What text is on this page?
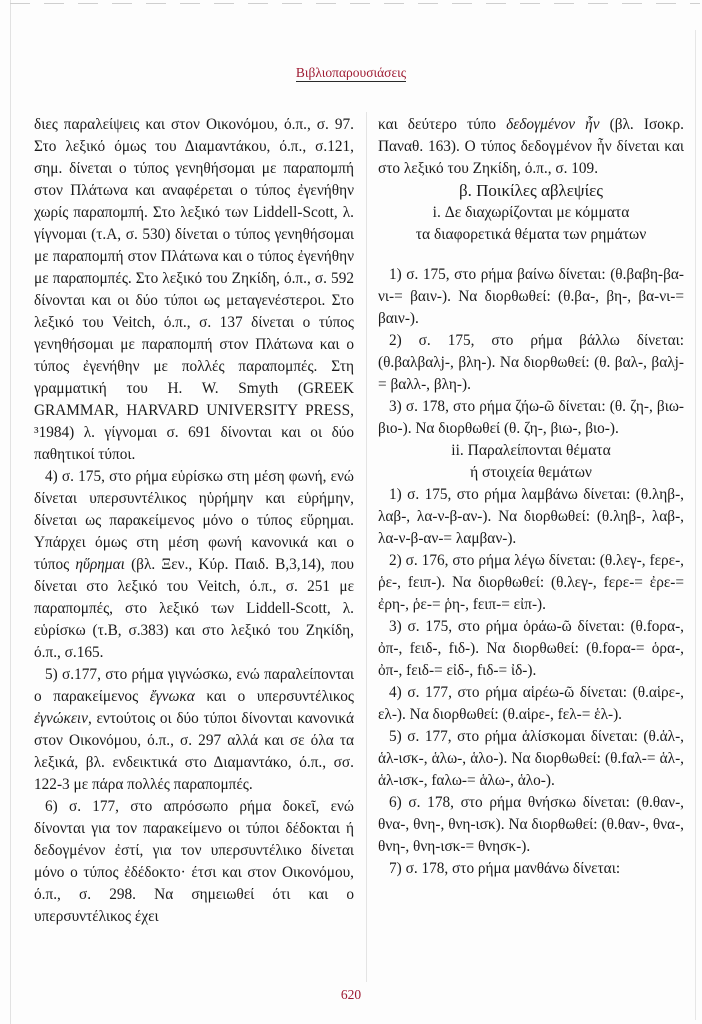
Βιβλιοπαρουσιάσεις

διες παραλείψεις και στον Οικονόμου, ό.π., σ. 97. Στο λεξικό όμως του Διαμαντάκου, ό.π., σ.121, σημ. δίνεται ο τύπος γενηθήσομαι με παραπομπή στον Πλάτωνα και αναφέρεται ο τύπος ἐγενήθην χωρίς παραπομπή. Στο λεξικό των Liddell-Scott, λ. γίγνομαι (τ.Α, σ. 530) δίνεται ο τύπος γενηθήσομαι με παραπομπή στον Πλάτωνα και ο τύπος ἐγενήθην με παραπομπές. Στο λεξικό του Ζηκίδη, ό.π., σ. 592 δίνονται και οι δύο τύποι ως μεταγενέστεροι. Στο λεξικό του Veitch, ό.π., σ. 137 δίνεται ο τύπος γενηθήσομαι με παραπομπή στον Πλάτωνα και ο τύπος ἐγενήθην με πολλές παραπομπές. Στη γραμματική του H. W. Smyth (GREEK GRAMMAR, HARVARD UNIVERSITY PRESS, ³1984) λ. γίγνομαι σ. 691 δίνονται και οι δύο παθητικοί τύποι.

4) σ. 175, στο ρήμα εὑρίσκω στη μέση φωνή, ενώ δίνεται υπερσυντέλικος ηὑρήμην και εὑρήμην, δίνεται ως παρακείμενος μόνο ο τύπος εὕρημαι. Υπάρχει όμως στη μέση φωνή κανονικά και ο τύπος ηὕρημαι (βλ. Ξεν., Κύρ. Παιδ. Β,3,14), που δίνεται στο λεξικό του Veitch, ό.π., σ. 251 με παραπομπές, στο λεξικό των Liddell-Scott, λ. εὑρίσκω (τ.Β, σ.383) και στο λεξικό του Ζηκίδη, ό.π., σ.165.

5) σ.177, στο ρήμα γιγνώσκω, ενώ παραλείπονται ο παρακείμενος ἔγνωκα και ο υπερσυντέλικος ἐγνώκειν, εντούτοις οι δύο τύποι δίνονται κανονικά στον Οικονόμου, ό.π., σ. 297 αλλά και σε όλα τα λεξικά, βλ. ενδεικτικά στο Διαμαντάκο, ό.π., σσ. 122-3 με πάρα πολλές παραπομπές.

6) σ. 177, στο απρόσωπο ρήμα δοκεῖ, ενώ δίνονται για τον παρακείμενο οι τύποι δέδοκται ή δεδογμένον ἐστί, για τον υπερσυντέλικο δίνεται μόνο ο τύπος ἐδέδοκτο· έτσι και στον Οικονόμου, ό.π., σ. 298. Να σημειωθεί ότι και ο υπερσυντέλικος έχει

και δεύτερο τύπο δεδογμένον ἦν (βλ. Ισοκρ. Παναθ. 163). Ο τύπος δεδογμένον ἦν δίνεται και στο λεξικό του Ζηκίδη, ό.π., σ. 109.

β. Ποικίλες αβλεψίες

i. Δε διαχωρίζονται με κόμματα

τα διαφορετικά θέματα των ρημάτων

1) σ. 175, στο ρήμα βαίνω δίνεται: (θ.βαβη-βα-νι-= βαιν-). Να διορθωθεί: (θ.βα-, βη-, βα-νι-= βαιν-).

2) σ. 175, στο ρήμα βάλλω δίνεται: (θ.βαλβαλj-, βλη-). Να διορθωθεί: (θ. βαλ-, βαλj-= βαλλ-, βλη-).

3) σ. 178, στο ρήμα ζήω-ῶ δίνεται: (θ. ζη-, βιω-βιο-). Να διορθωθεί (θ. ζη-, βιω-, βιο-).

ii. Παραλείπονται θέματα

ή στοιχεία θεμάτων

1) σ. 175, στο ρήμα λαμβάνω δίνεται: (θ.ληβ-, λαβ-, λα-ν-β-αν-). Να διορθωθεί: (θ.ληβ-, λαβ-, λα-ν-β-αν-= λαμβαν-).

2) σ. 176, στο ρήμα λέγω δίνεται: (θ.λεγ-, fερε-, ῥε-, fειπ-). Να διορθωθεί: (θ.λεγ-, fερε-= ἐρε-= ἐρη-, ῥε-= ῥη-, fειπ-= εἰπ-).

3) σ. 175, στο ρήμα ὁράω-ῶ δίνεται: (θ.fορα-, ὀπ-, fειδ-, fιδ-). Να διορθωθεί: (θ.fορα-= ὁρα-, ὀπ-, fειδ-= εἰδ-, fιδ-= ἰδ-).

4) σ. 177, στο ρήμα αἱρέω-ῶ δίνεται: (θ.αἱρε-, ελ-). Να διορθωθεί: (θ.αἱρε-, fελ-= ἑλ-).

5) σ. 177, στο ρήμα ἁλίσκομαι δίνεται: (θ.ἁλ-, ἁλ-ισκ-, ἁλω-, ἁλο-). Να διορθωθεί: (θ.fαλ-= ἁλ-, ἁλ-ισκ-, fαλω-= ἁλω-, ἁλο-).

6) σ. 178, στο ρήμα θνήσκω δίνεται: (θ.θαν-, θνα-, θνη-, θνη-ισκ). Να διορθωθεί: (θ.θαν-, θνα-, θνη-, θνη-ισκ-= θνησκ-).

7) σ. 178, στο ρήμα μανθάνω δίνεται:

620
